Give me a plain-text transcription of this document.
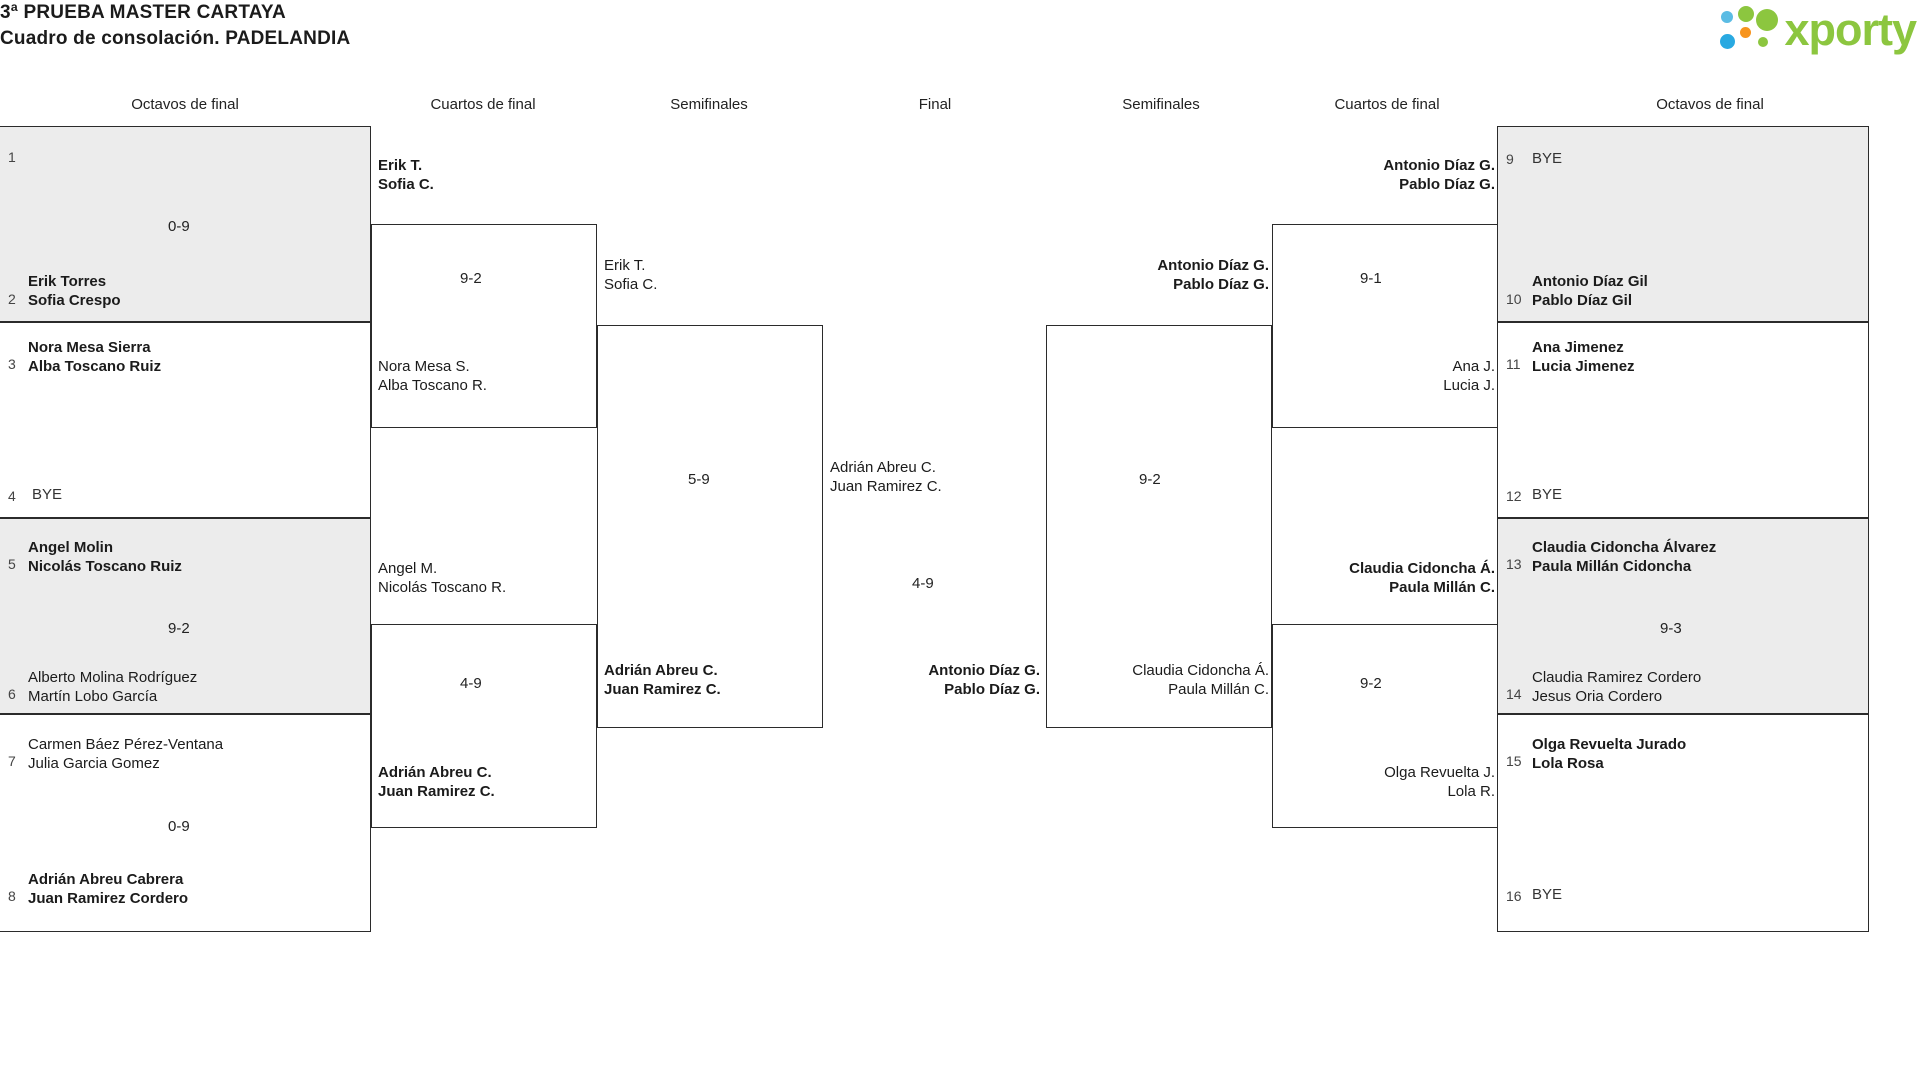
3ª PRUEBA MASTER CARTAYA
Cuadro de consolación. PADELANDIA	xporty
Octavos de final	Cuartos de final	Semifinales	Final	Semifinales	Cuartos de final	Octavos de final
1
0-9
2
Erik Torres
Sofia Crespo
3
Nora Mesa Sierra
Alba Toscano Ruiz
4 BYE
5
Angel Molin
Nicolás Toscano Ruiz
9-2
6
Alberto Molina Rodríguez
Martín Lobo García
7
Carmen Báez Pérez-Ventana
Julia Garcia Gomez
0-9
8
Adrián Abreu Cabrera
Juan Ramirez Cordero
Erik T.
Sofia C.
9-2
Nora Mesa S.
Alba Toscano R.
Angel M.
Nicolás Toscano R.
4-9
Adrián Abreu C.
Juan Ramirez C.
Erik T.
Sofia C.
5-9
Adrián Abreu C.
Juan Ramirez C.
Adrián Abreu C.
Juan Ramirez C.
4-9
Antonio Díaz G.
Pablo Díaz G.
Antonio Díaz G.
Pablo Díaz G.
9-2
Claudia Cidoncha Á.
Paula Millán C.
Antonio Díaz G.
Pablo Díaz G.
9-1
Ana J.
Lucia J.
Claudia Cidoncha Á.
Paula Millán C.
9-2
Olga Revuelta J.
Lola R.
9 BYE
10
Antonio Díaz Gil
Pablo Díaz Gil
11
Ana Jimenez
Lucia Jimenez
12 BYE
13
Claudia Cidoncha Álvarez
Paula Millán Cidoncha
9-3
14
Claudia Ramirez Cordero
Jesus Oria Cordero
15
Olga Revuelta Jurado
Lola Rosa
16 BYE
